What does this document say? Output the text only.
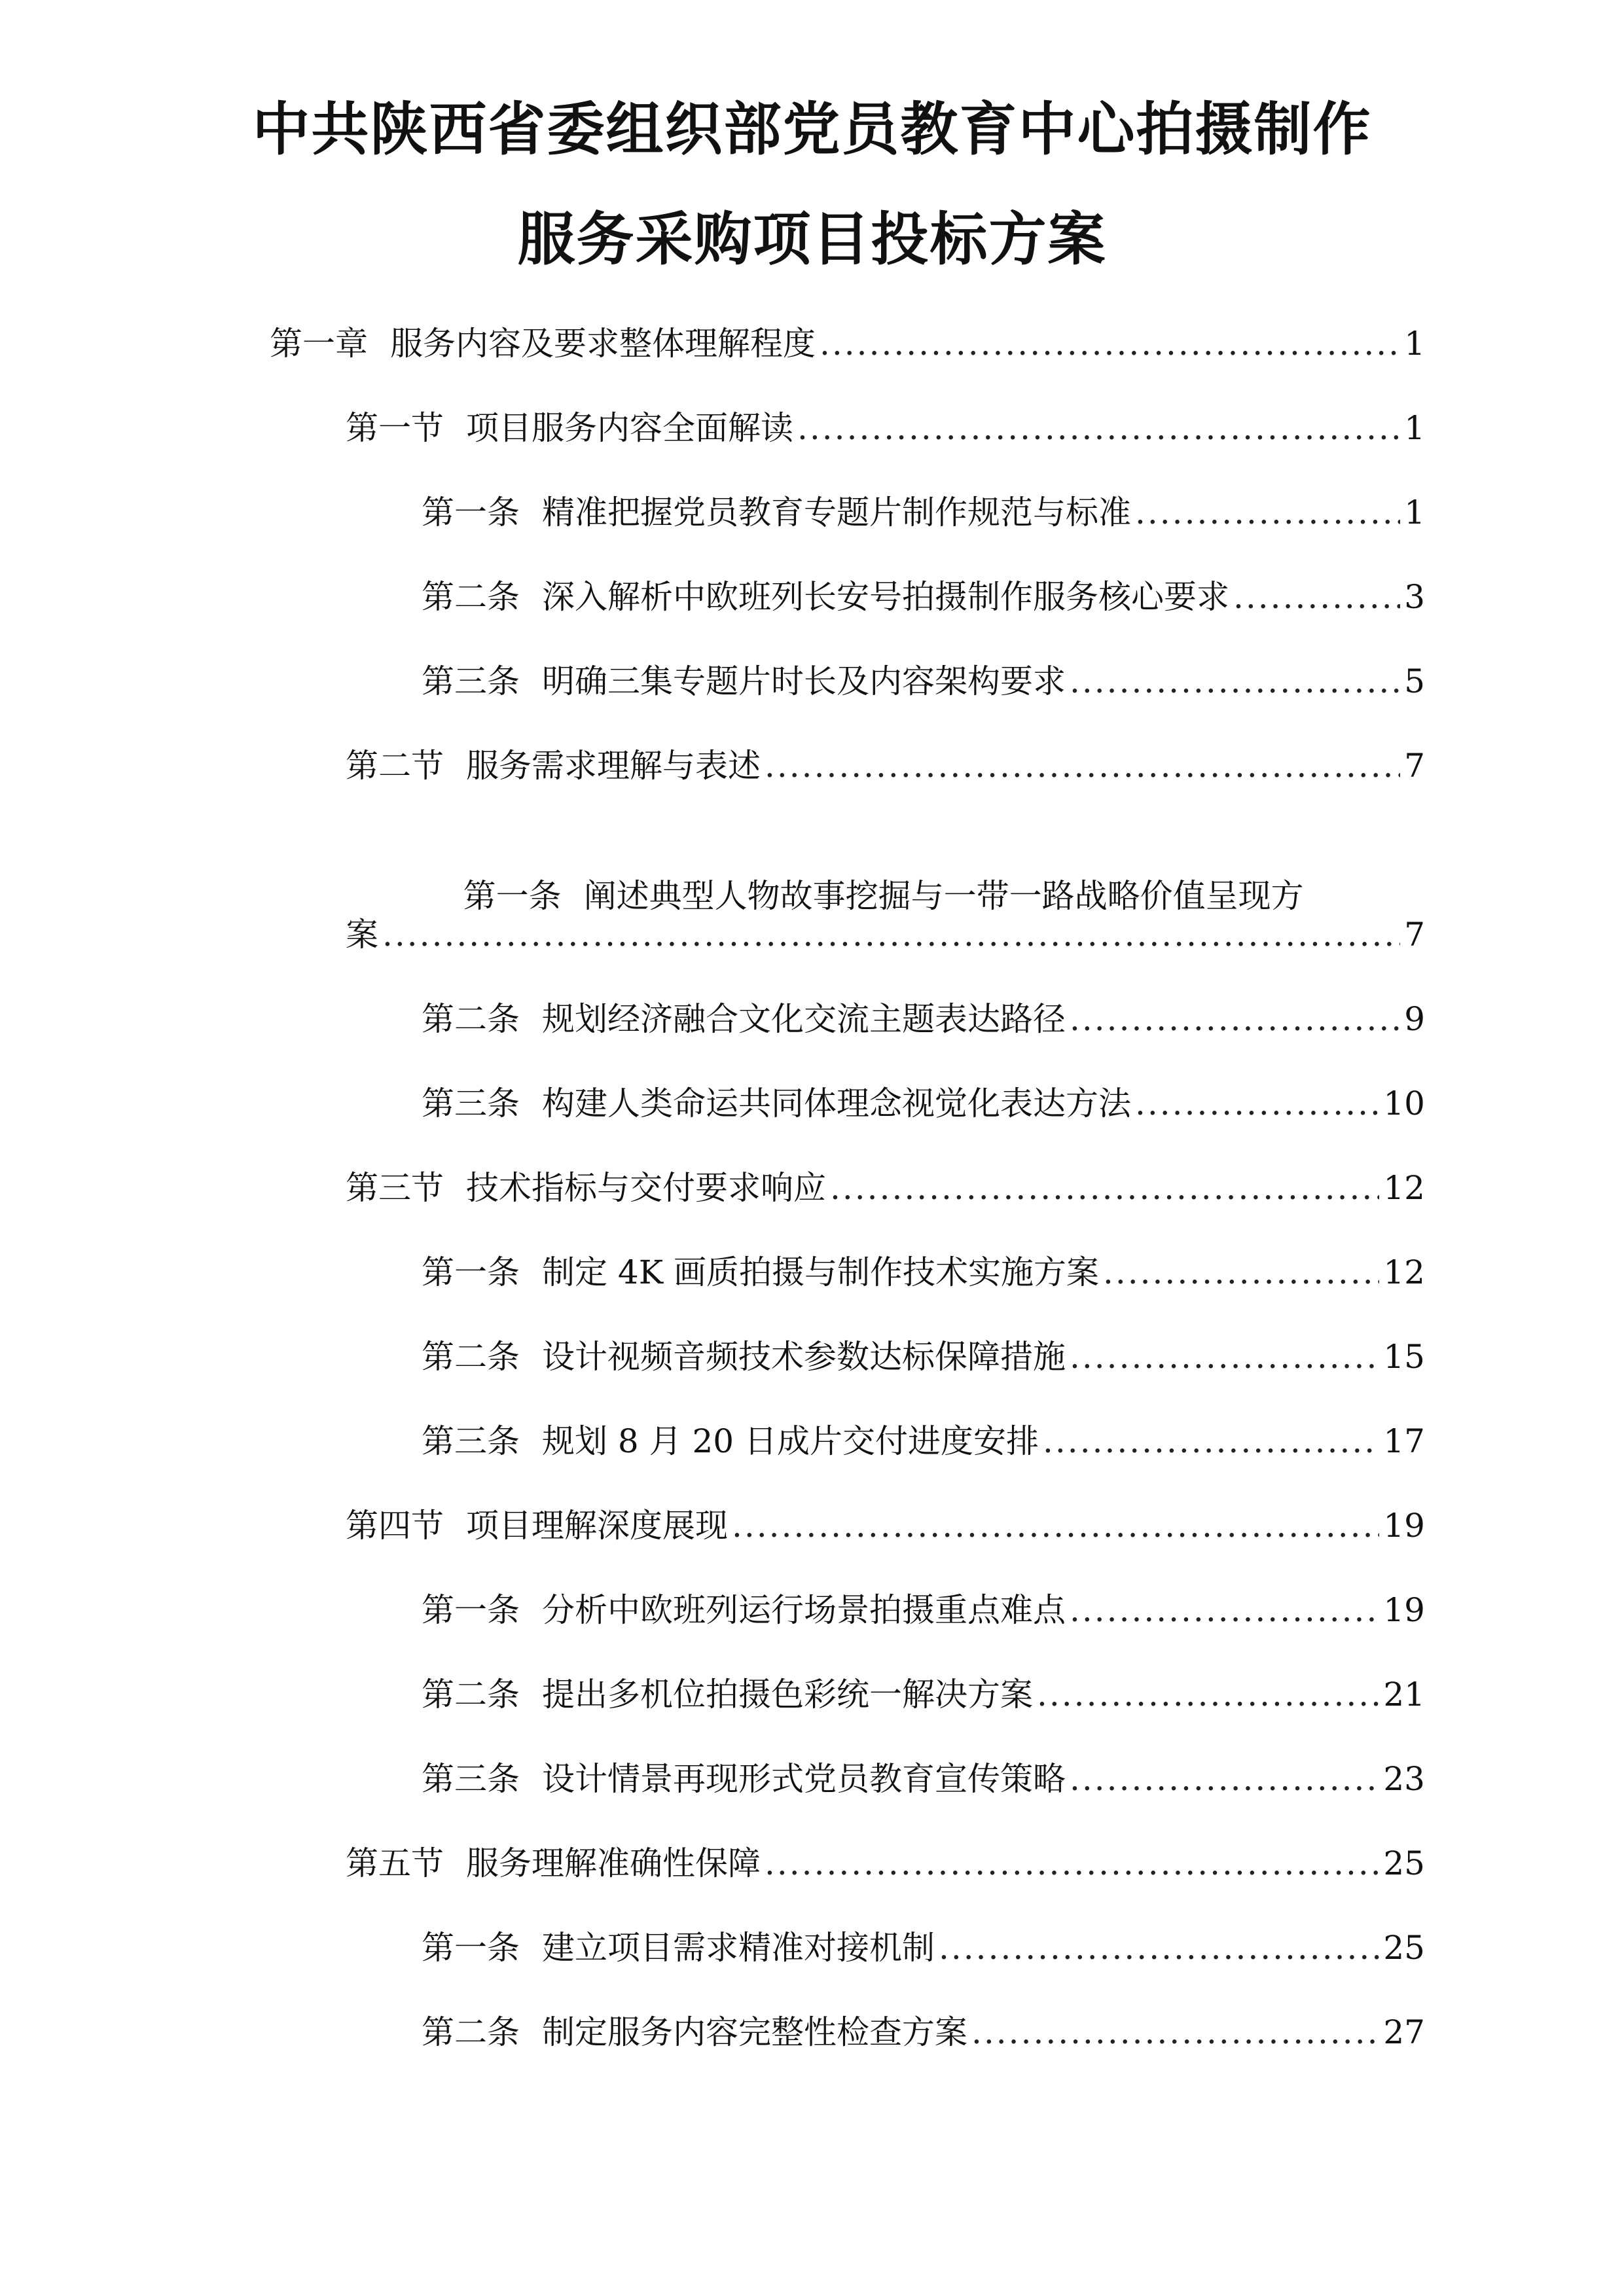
中共陕西省委组织部党员教育中心拍摄制作
服务采购项目投标方案
第一章 服务内容及要求整体理解程度 .....	1
第一节 项目服务内容全面解读 .....	1
第一条 精准把握党员教育专题片制作规范与标准 .....	1
第二条 深入解析中欧班列长安号拍摄制作服务核心要求 .....	3
第三条 明确三集专题片时长及内容架构要求 .....	5
第二节 服务需求理解与表述 .....	7

第一条 阐述典型人物故事挖掘与一带一路战略价值呈现方

案 .....	7
第二条 规划经济融合文化交流主题表达路径 .....	9
第三条 构建人类命运共同体理念视觉化表达方法 .....	10
第三节 技术指标与交付要求响应 .....	12
第一条 制定 4K 画质拍摄与制作技术实施方案 .....	12
第二条 设计视频音频技术参数达标保障措施 .....	15
第三条 规划 8 月 20 日成片交付进度安排 .....	17
第四节 项目理解深度展现 .....	19
第一条 分析中欧班列运行场景拍摄重点难点 .....	19
第二条 提出多机位拍摄色彩统一解决方案 .....	21
第三条 设计情景再现形式党员教育宣传策略 .....	23
第五节 服务理解准确性保障 .....	25
第一条 建立项目需求精准对接机制 .....	25
第二条 制定服务内容完整性检查方案 .....	27
